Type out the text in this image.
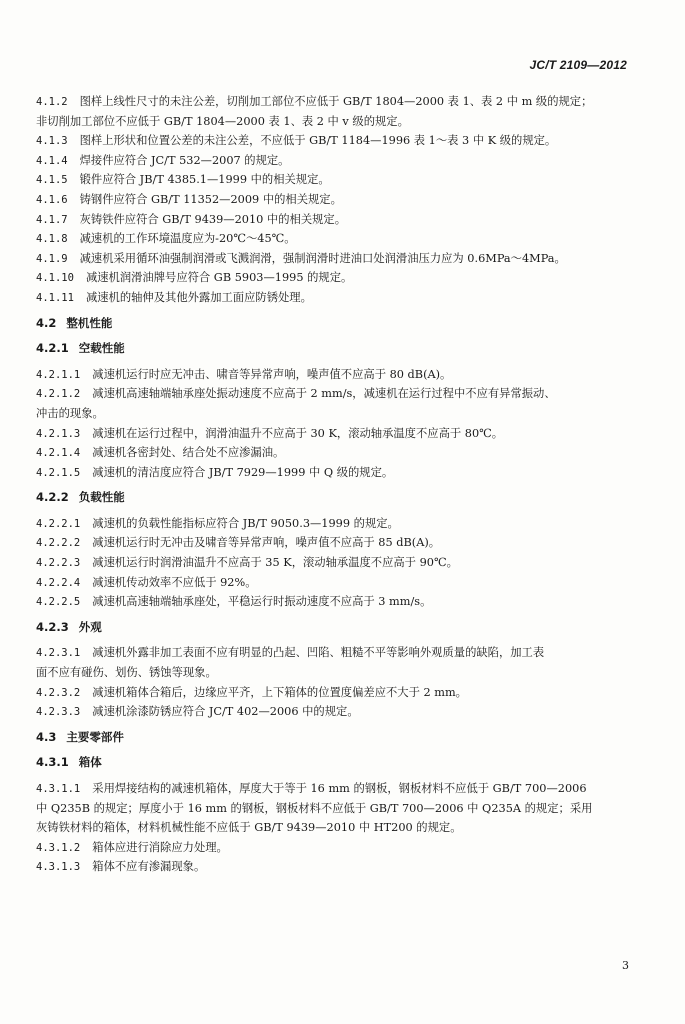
JC/T 2109—2012
4.1.2 图样上线性尺寸的未注公差，切削加工部位不应低于 GB/T 1804—2000 表 1、表 2 中 m 级的规定；
非切削加工部位不应低于 GB/T 1804—2000 表 1、表 2 中 v 级的规定。
4.1.3 图样上形状和位置公差的未注公差，不应低于 GB/T 1184—1996 表 1～表 3 中 K 级的规定。
4.1.4 焊接件应符合 JC/T 532—2007 的规定。
4.1.5 锻件应符合 JB/T 4385.1—1999 中的相关规定。
4.1.6 铸钢件应符合 GB/T 11352—2009 中的相关规定。
4.1.7 灰铸铁件应符合 GB/T 9439—2010 中的相关规定。
4.1.8 减速机的工作环境温度应为-20℃～45℃。
4.1.9 减速机采用循环油强制润滑或飞溅润滑，强制润滑时进油口处润滑油压力应为 0.6MPa～4MPa。
4.1.10 减速机润滑油牌号应符合 GB 5903—1995 的规定。
4.1.11 减速机的轴伸及其他外露加工面应防锈处理。
4.2 整机性能
4.2.1 空载性能
4.2.1.1 减速机运行时应无冲击、啸音等异常声响，噪声值不应高于 80 dB(A)。
4.2.1.2 减速机高速轴端轴承座处振动速度不应高于 2 mm/s，减速机在运行过程中不应有异常振动、
冲击的现象。
4.2.1.3 减速机在运行过程中，润滑油温升不应高于 30 K，滚动轴承温度不应高于 80℃。
4.2.1.4 减速机各密封处、结合处不应渗漏油。
4.2.1.5 减速机的清洁度应符合 JB/T 7929—1999 中 Q 级的规定。
4.2.2 负载性能
4.2.2.1 减速机的负载性能指标应符合 JB/T 9050.3—1999 的规定。
4.2.2.2 减速机运行时无冲击及啸音等异常声响，噪声值不应高于 85 dB(A)。
4.2.2.3 减速机运行时润滑油温升不应高于 35 K，滚动轴承温度不应高于 90℃。
4.2.2.4 减速机传动效率不应低于 92%。
4.2.2.5 减速机高速轴端轴承座处，平稳运行时振动速度不应高于 3 mm/s。
4.2.3 外观
4.2.3.1 减速机外露非加工表面不应有明显的凸起、凹陷、粗糙不平等影响外观质量的缺陷，加工表
面不应有碰伤、划伤、锈蚀等现象。
4.2.3.2 减速机箱体合箱后，边缘应平齐，上下箱体的位置度偏差应不大于 2 mm。
4.2.3.3 减速机涂漆防锈应符合 JC/T 402—2006 中的规定。
4.3 主要零部件
4.3.1 箱体
4.3.1.1 采用焊接结构的减速机箱体，厚度大于等于 16 mm 的钢板，钢板材料不应低于 GB/T 700—2006
中 Q235B 的规定；厚度小于 16 mm 的钢板，钢板材料不应低于 GB/T 700—2006 中 Q235A 的规定；采用
灰铸铁材料的箱体，材料机械性能不应低于 GB/T 9439—2010 中 HT200 的规定。
4.3.1.2 箱体应进行消除应力处理。
4.3.1.3 箱体不应有渗漏现象。
3
